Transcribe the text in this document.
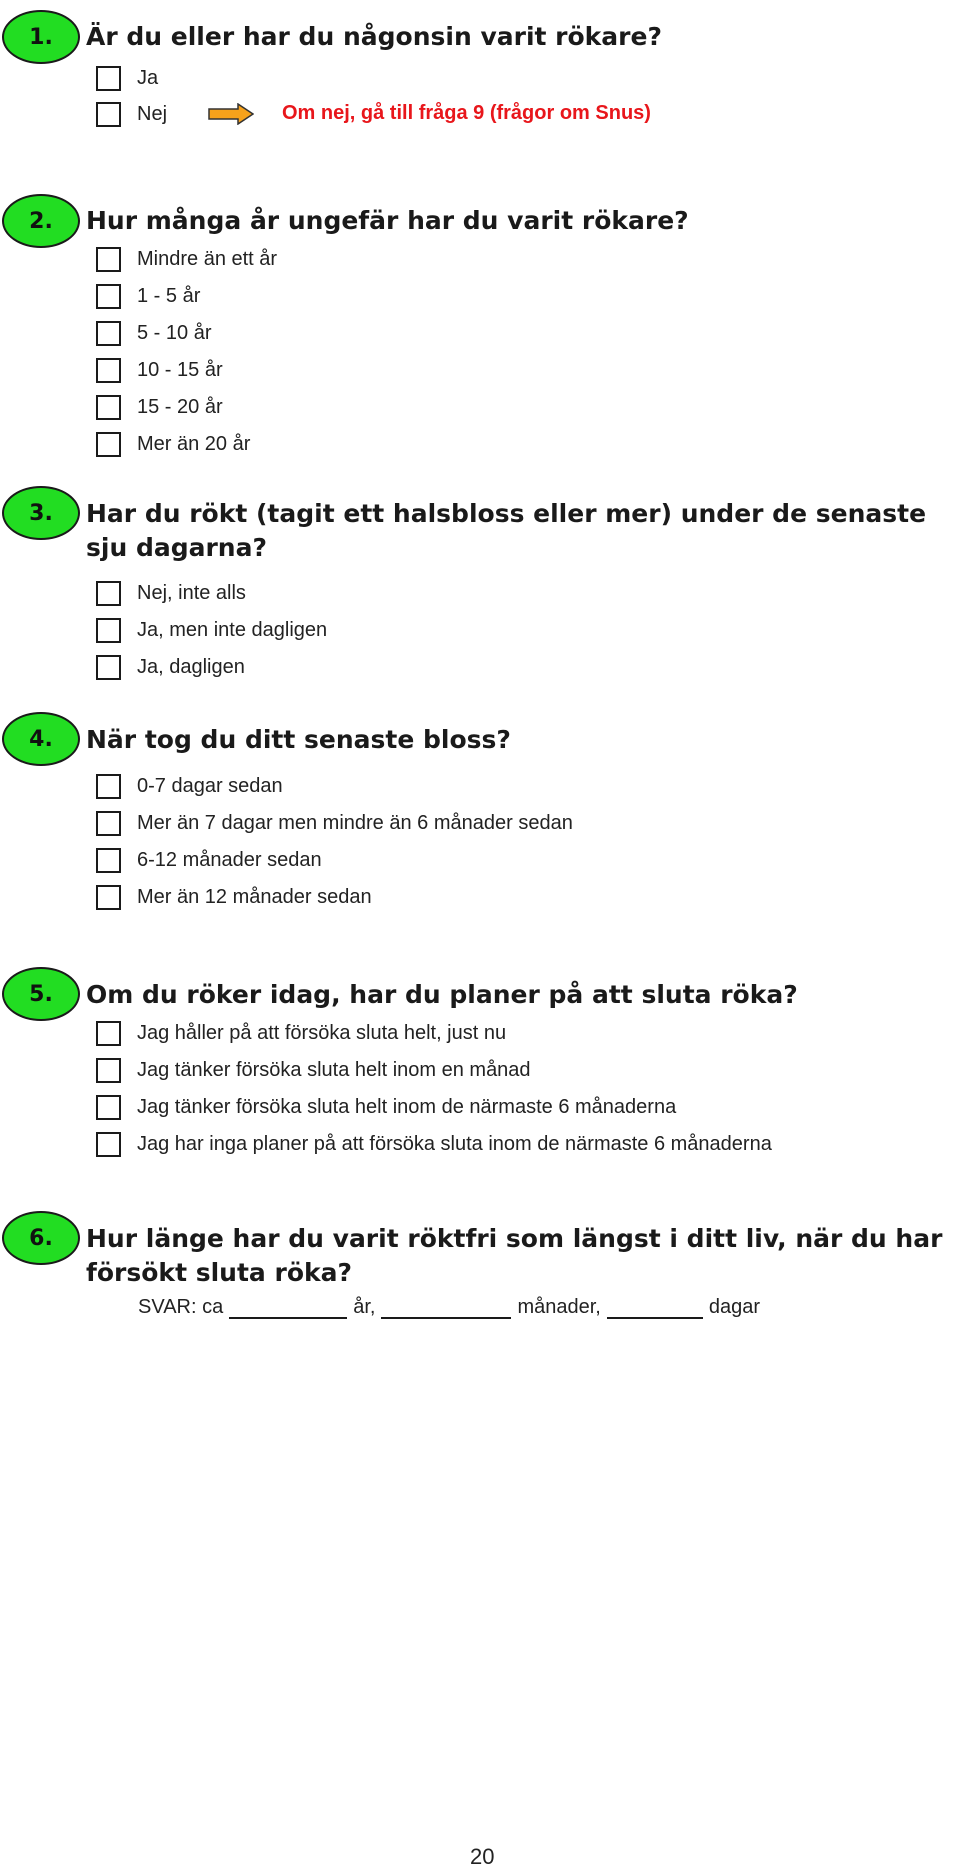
1.	Är du eller har du någonsin varit rökare?
Ja
Nej	Om nej, gå till fråga 9 (frågor om Snus)
2.	Hur många år ungefär har du varit rökare?
Mindre än ett år
1 - 5 år
5 - 10 år
10 - 15 år
15 - 20 år
Mer än 20 år
3.	Har du rökt (tagit ett halsbloss eller mer) under de senaste sju dagarna?
Nej, inte alls
Ja, men inte dagligen
Ja, dagligen
4.	När tog du ditt senaste bloss?
0-7 dagar sedan
Mer än 7 dagar men mindre än 6 månader sedan
6-12 månader sedan
Mer än 12 månader sedan
5.	Om du röker idag, har du planer på att sluta röka?
Jag håller på att försöka sluta helt, just nu
Jag tänker försöka sluta helt inom en månad
Jag tänker försöka sluta helt inom de närmaste 6 månaderna
Jag har inga planer på att försöka sluta inom de närmaste 6 månaderna
6.	Hur länge har du varit röktfri som längst i ditt liv, när du har försökt sluta röka?
SVAR: ca	år,	månader,	dagar
20
